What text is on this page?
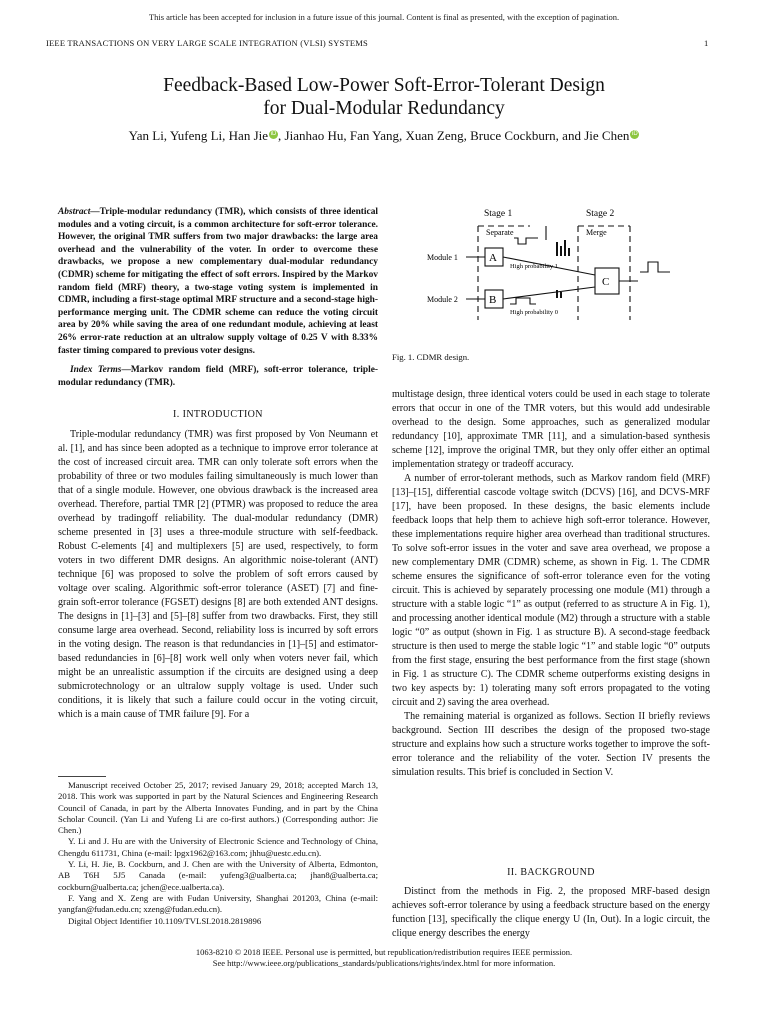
This article has been accepted for inclusion in a future issue of this journal. Content is final as presented, with the exception of pagination.
IEEE TRANSACTIONS ON VERY LARGE SCALE INTEGRATION (VLSI) SYSTEMS	1
Feedback-Based Low-Power Soft-Error-Tolerant Design
for Dual-Modular Redundancy
Yan Li, Yufeng Li, Han Jie iD , Jianhao Hu, Fan Yang, Xuan Zeng, Bruce Cockburn, and Jie Chen iD
Abstract—Triple-modular redundancy (TMR), which consists of three identical modules and a voting circuit, is a common architecture for soft-error tolerance. However, the original TMR suffers from two major drawbacks: the large area overhead and the vulnerability of the voter. In order to overcome these drawbacks, we propose a new complementary dual-modular redundancy (CDMR) scheme for mitigating the effect of soft errors. Inspired by the Markov random field (MRF) theory, a two-stage voting system is implemented in CDMR, including a first-stage optimal MRF structure and a second-stage high-performance merging unit. The CDMR scheme can reduce the voting circuit area by 20% while saving the area of one redundant module, achieving at least 26% error-rate reduction at an ultralow supply voltage of 0.25 V with 8.33% faster timing compared to previous voter designs.
Index Terms—Markov random field (MRF), soft-error tolerance, triple-modular redundancy (TMR).
I. INTRODUCTION

Triple-modular redundancy (TMR) was first proposed by Von Neumann et al. [1], and has since been adopted as a technique to improve error tolerance at the cost of increased circuit area. TMR can only tolerate soft errors when the probability of three or two modules failing simultaneously is much lower than that of a single module. However, one obvious drawback is the increased area overhead. Therefore, partial TMR [2] (PTMR) was proposed to reduce the area overhead by tradingoff reliability. The dual-modular redundancy (DMR) scheme presented in [3] uses a three-module structure with self-feedback. Robust C-elements [4] and multiplexers [5] are used, respectively, to form voters in two different DMR designs. An algorithmic noise-tolerant (ANT) technique [6] was proposed to solve the problem of soft errors caused by voltage over scaling. Algorithmic soft-error tolerance (ASET) [7] and fine-grain soft-error tolerance (FGSET) designs [8] are both extended ANT designs. The designs in [1]–[3] and [5]–[8] suffer from two drawbacks. First, they still consume large area overhead. Second, reliability loss is incurred by soft errors in the voting design. The reason is that redundancies in [1]–[5] and estimator-based redundancies in [6]–[8] work well only when voters never fail, which might be an unrealistic assumption if the circuits are designed using a deep submicrotechnology or an ultralow supply voltage is used. Under such conditions, it is likely that such a failure could occur in the voting circuit, which is a main cause of TMR failure [9]. For a

Manuscript received October 25, 2017; revised January 29, 2018; accepted March 13, 2018. This work was supported in part by the Natural Sciences and Engineering Research Council of Canada, in part by the Alberta Innovates Funding, and in part by the China Scholar Council. (Yan Li and Yufeng Li are co-first authors.) (Corresponding author: Jie Chen.)

Y. Li and J. Hu are with the University of Electronic Science and Technology of China, Chengdu 611731, China (e-mail: lpgx1962@163.com; jhhu@uestc.edu.cn).

Y. Li, H. Jie, B. Cockburn, and J. Chen are with the University of Alberta, Edmonton, AB T6H 5J5 Canada (e-mail: yufeng3@ualberta.ca; jhan8@ualberta.ca; cockburn@ualberta.ca; jchen@ece.ualberta.ca).

F. Yang and X. Zeng are with Fudan University, Shanghai 201203, China (e-mail: yangfan@fudan.edu.cn; xzeng@fudan.edu.cn).

Digital Object Identifier 10.1109/TVLSI.2018.2819896

Stage 1	Stage 2
Separate	Merge
Module 1
Module 2
A
B
C
High probability 1
High probability 0
Fig. 1. CDMR design.

multistage design, three identical voters could be used in each stage to tolerate errors that occur in one of the TMR voters, but this would add undesirable overhead to the design. Some approaches, such as generalized modular redundancy [10], approximate TMR [11], and a simulation-based synthesis scheme [12], improve the original TMR, but they only offer either an optimal implementation strategy or tradeoff accuracy.

A number of error-tolerant methods, such as Markov random field (MRF) [13]–[15], differential cascode voltage switch (DCVS) [16], and DCVS-MRF [17], have been proposed. In these designs, the basic elements include feedback loops that help them to achieve high soft-error tolerance. However, these implementations require higher area overhead than traditional structures. To solve soft-error issues in the voter and save area overhead, we propose a new complementary DMR (CDMR) scheme, as shown in Fig. 1. The CDMR scheme ensures the significance of soft-error tolerance even for the voting circuit. This is achieved by separately processing one module (M1) through a structure with a stable logic “1” as output (referred to as structure A in Fig. 1), and processing another identical module (M2) through a structure with a stable logic “0” as output (shown in Fig. 1 as structure B). A second-stage feedback structure is then used to merge the stable logic “1” and stable logic “0” outputs from the first stage, ensuring the best performance from the first stage (shown in Fig. 1 as structure C). The CDMR scheme outperforms existing designs in two key aspects by: 1) tolerating many soft errors propagated to the voting circuit and 2) saving the area overhead.

The remaining material is organized as follows. Section II briefly reviews background. Section III describes the design of the proposed two-stage structure and explains how such a structure works together to improve the soft-error tolerance and the reliability of the voter. Section IV presents the simulation results. This brief is concluded in Section V.

II. BACKGROUND

Distinct from the methods in Fig. 2, the proposed MRF-based design achieves soft-error tolerance by using a feedback structure based on the energy function [13], specifically the clique energy U (In, Out). In a logic circuit, the clique energy describes the energy

1063-8210 © 2018 IEEE. Personal use is permitted, but republication/redistribution requires IEEE permission.
See http://www.ieee.org/publications_standards/publications/rights/index.html for more information.
